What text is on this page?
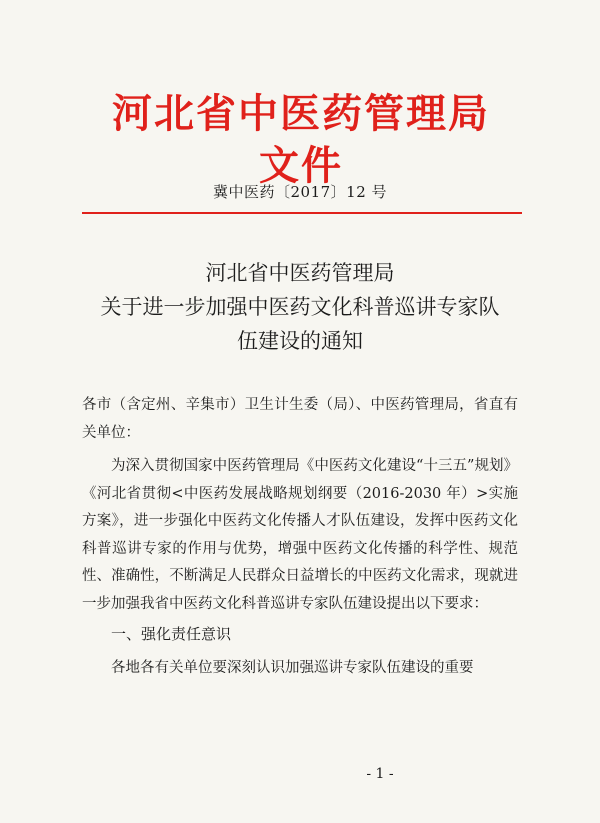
河北省中医药管理局文件
冀中医药〔2017〕12 号
河北省中医药管理局
关于进一步加强中医药文化科普巡讲专家队
伍建设的通知

各市（含定州、辛集市）卫生计生委（局）、中医药管理局，省直有关单位：

为深入贯彻国家中医药管理局《中医药文化建设“十三五”规划》《河北省贯彻<中医药发展战略规划纲要（2016-2030 年）>实施方案》，进一步强化中医药文化传播人才队伍建设，发挥中医药文化科普巡讲专家的作用与优势，增强中医药文化传播的科学性、规范性、准确性，不断满足人民群众日益增长的中医药文化需求，现就进一步加强我省中医药文化科普巡讲专家队伍建设提出以下要求：

一、强化责任意识

各地各有关单位要深刻认识加强巡讲专家队伍建设的重要

- 1 -
